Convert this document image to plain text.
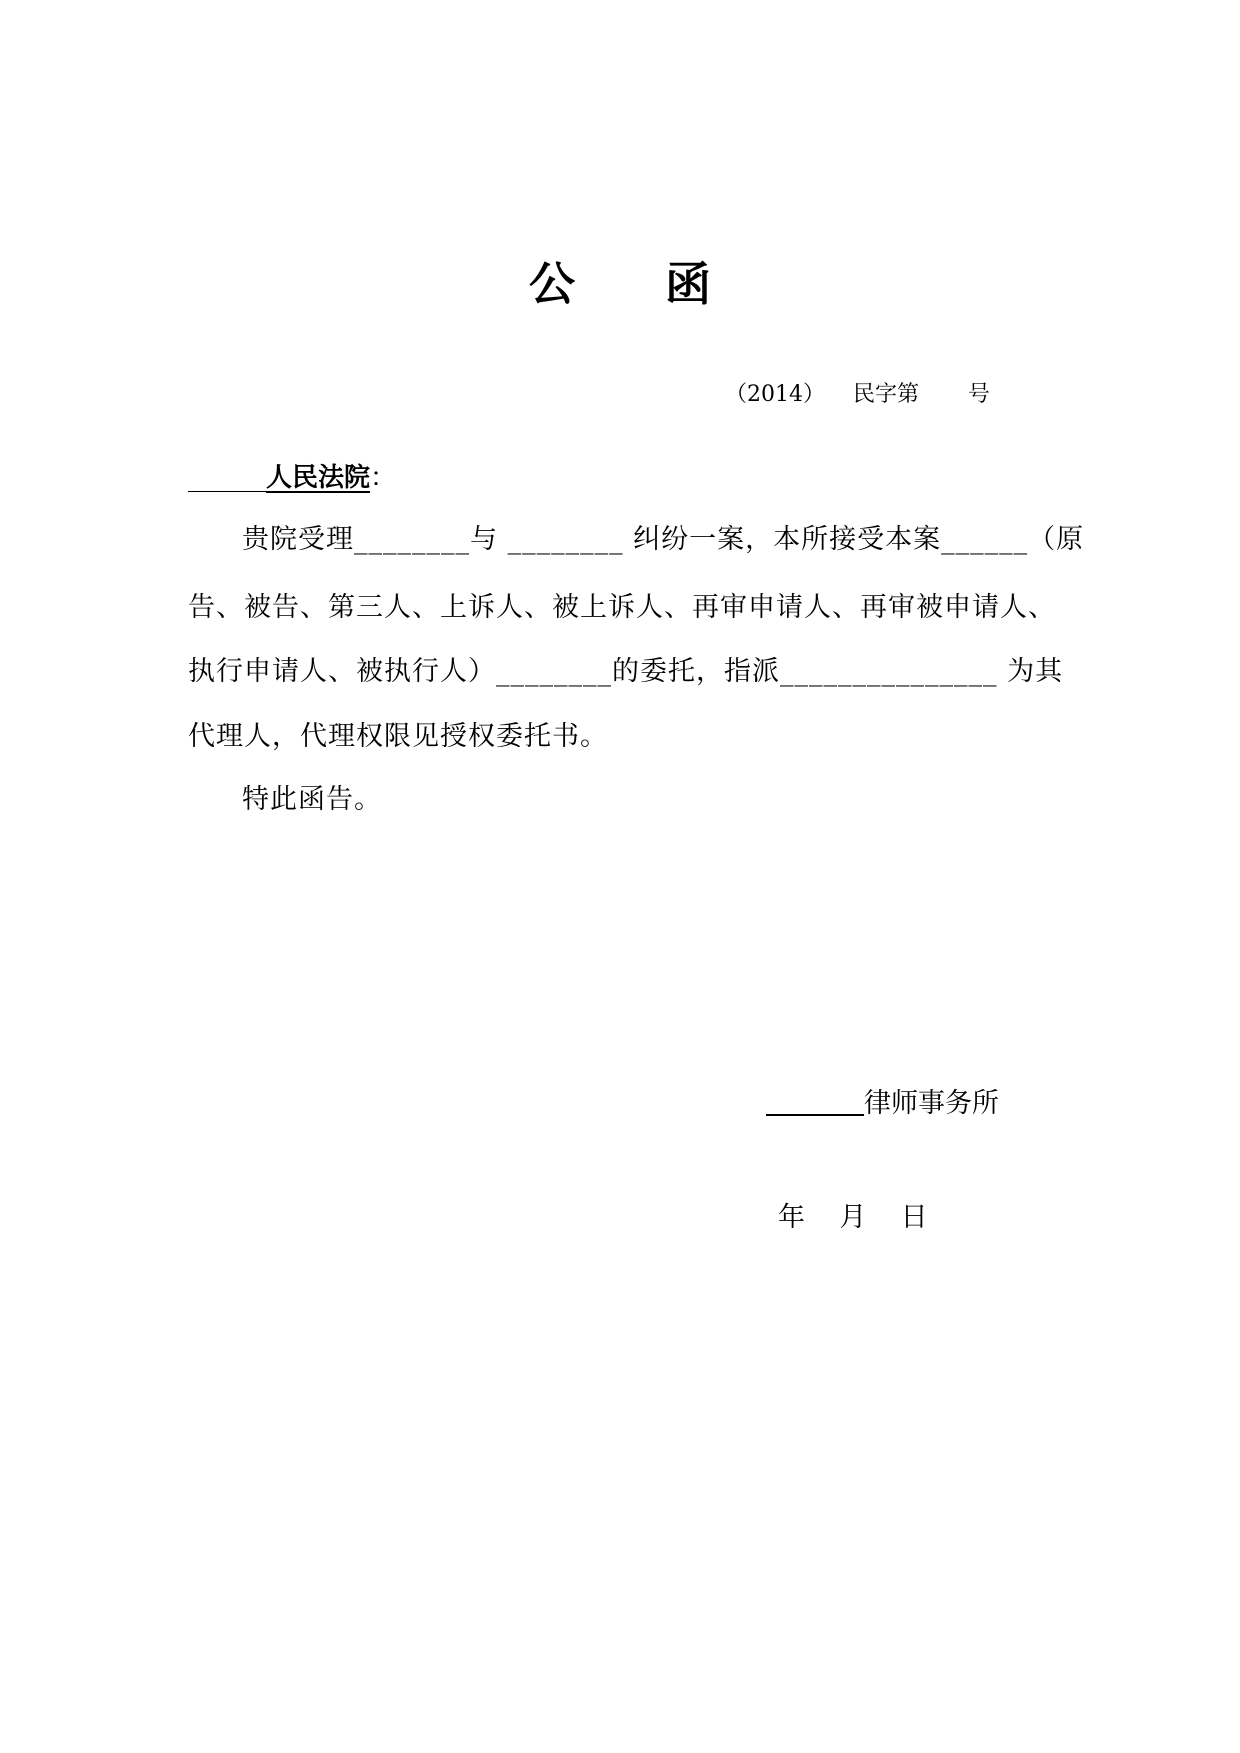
公函
（2014）    民字第       号
______人民法院：
贵院受理________与 ________ 纠纷一案，本所接受本案______（原
告、被告、第三人、上诉人、被上诉人、再审申请人、再审被申请人、
执行申请人、被执行人）________的委托，指派_______________ 为其
代理人，代理权限见授权委托书。
特此函告。
律师事务所
年    月    日
